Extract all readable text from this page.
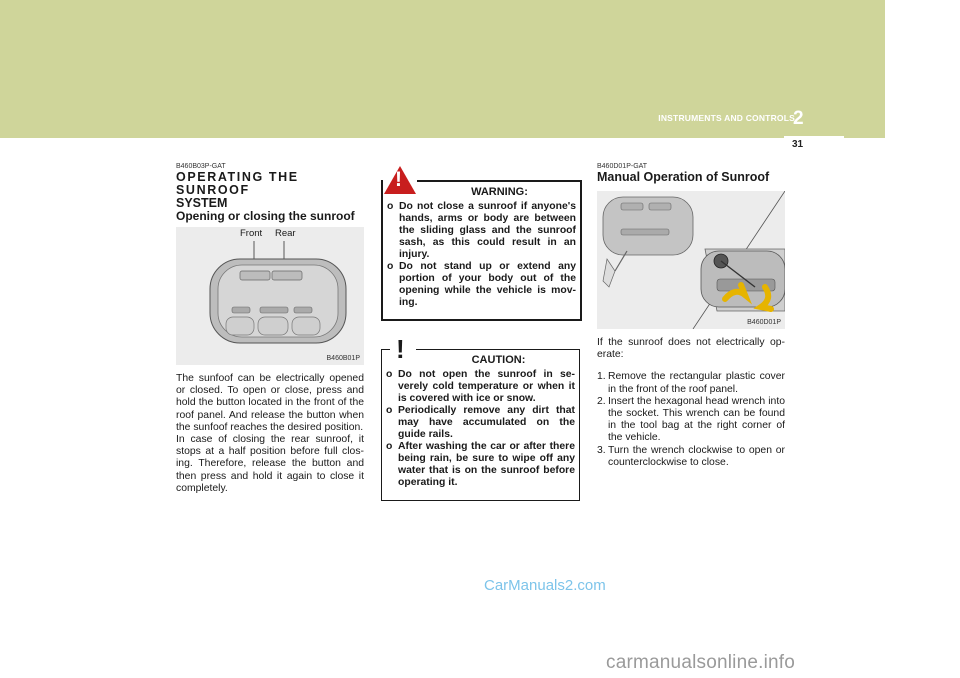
INSTRUMENTS AND CONTROLS
2
31
B460B03P-GAT
OPERATING THE SUNROOF
SYSTEM
Opening or closing the sunroof
Front Rear
B460B01P

The sunfoof can be electrically opened or closed. To open or close, press and hold the button located in the front of the roof panel. And release the button when the sunfoof reaches the desired position.

In case of closing the rear sunroof, it stops at a half position before full clos-ing. Therefore, release the button and then press and hold it again to close it completely.

!
WARNING:
o Do not close a sunroof if anyone's hands, arms or body are between the sliding glass and the sunroof sash, as this could result in an injury.
o Do not stand up or extend any portion of your body out of the opening while the vehicle is mov-ing.
!	CAUTION:
o Do not open the sunroof in se-verely cold temperature or when it is covered with ice or snow.
o Periodically remove any dirt that may have accumulated on the guide rails.
o After washing the car or after there being rain, be sure to wipe off any water that is on the sunroof before operating it.
B460D01P-GAT
Manual Operation of Sunroof
B460D01P
If the sunroof does not electrically op-erate:
1. Remove the rectangular plastic cover in the front of the roof panel.
2. Insert the hexagonal head wrench into the socket. This wrench can be found in the tool bag at the right corner of the vehicle.
3. Turn the wrench clockwise to open or counterclockwise to close.
CarManuals2.com
carmanualsonline.info
